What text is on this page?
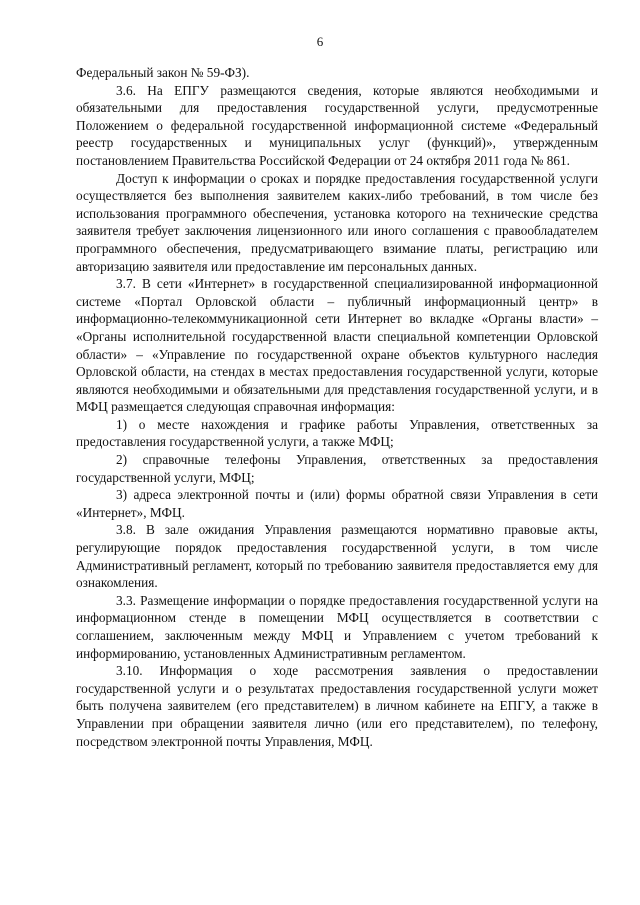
6

Федеральный закон № 59-ФЗ).

3.6. На ЕПГУ размещаются сведения, которые являются необходимыми и обязательными для предоставления государственной услуги, предусмотренные Положением о федеральной государственной информационной системе «Федеральный реестр государственных и муниципальных услуг (функций)», утвержденным постановлением Правительства Российской Федерации от 24 октября 2011 года № 861.

Доступ к информации о сроках и порядке предоставления государственной услуги осуществляется без выполнения заявителем каких-либо требований, в том числе без использования программного обеспечения, установка которого на технические средства заявителя требует заключения лицензионного или иного соглашения с правообладателем программного обеспечения, предусматривающего взимание платы, регистрацию или авторизацию заявителя или предоставление им персональных данных.

3.7. В сети «Интернет» в государственной специализированной информационной системе «Портал Орловской области – публичный информационный центр» в информационно-телекоммуникационной сети Интернет во вкладке «Органы власти» – «Органы исполнительной государственной власти специальной компетенции Орловской области» – «Управление по государственной охране объектов культурного наследия Орловской области, на стендах в местах предоставления государственной услуги, которые являются необходимыми и обязательными для представления государственной услуги, и в МФЦ размещается следующая справочная информация:

1) о месте нахождения и графике работы Управления, ответственных за предоставления государственной услуги, а также МФЦ;

2) справочные телефоны Управления, ответственных за предоставления государственной услуги, МФЦ;

3) адреса электронной почты и (или) формы обратной связи Управления в сети «Интернет», МФЦ.

3.8. В зале ожидания Управления размещаются нормативно правовые акты, регулирующие порядок предоставления государственной услуги, в том числе Административный регламент, который по требованию заявителя предоставляется ему для ознакомления.

3.3. Размещение информации о порядке предоставления государственной услуги на информационном стенде в помещении МФЦ осуществляется в соответствии с соглашением, заключенным между МФЦ и Управлением с учетом требований к информированию, установленных Административным регламентом.

3.10. Информация о ходе рассмотрения заявления о предоставлении государственной услуги и о результатах предоставления государственной услуги может быть получена заявителем (его представителем) в личном кабинете на ЕПГУ, а также в Управлении при обращении заявителя лично (или его представителем), по телефону, посредством электронной почты Управления, МФЦ.
